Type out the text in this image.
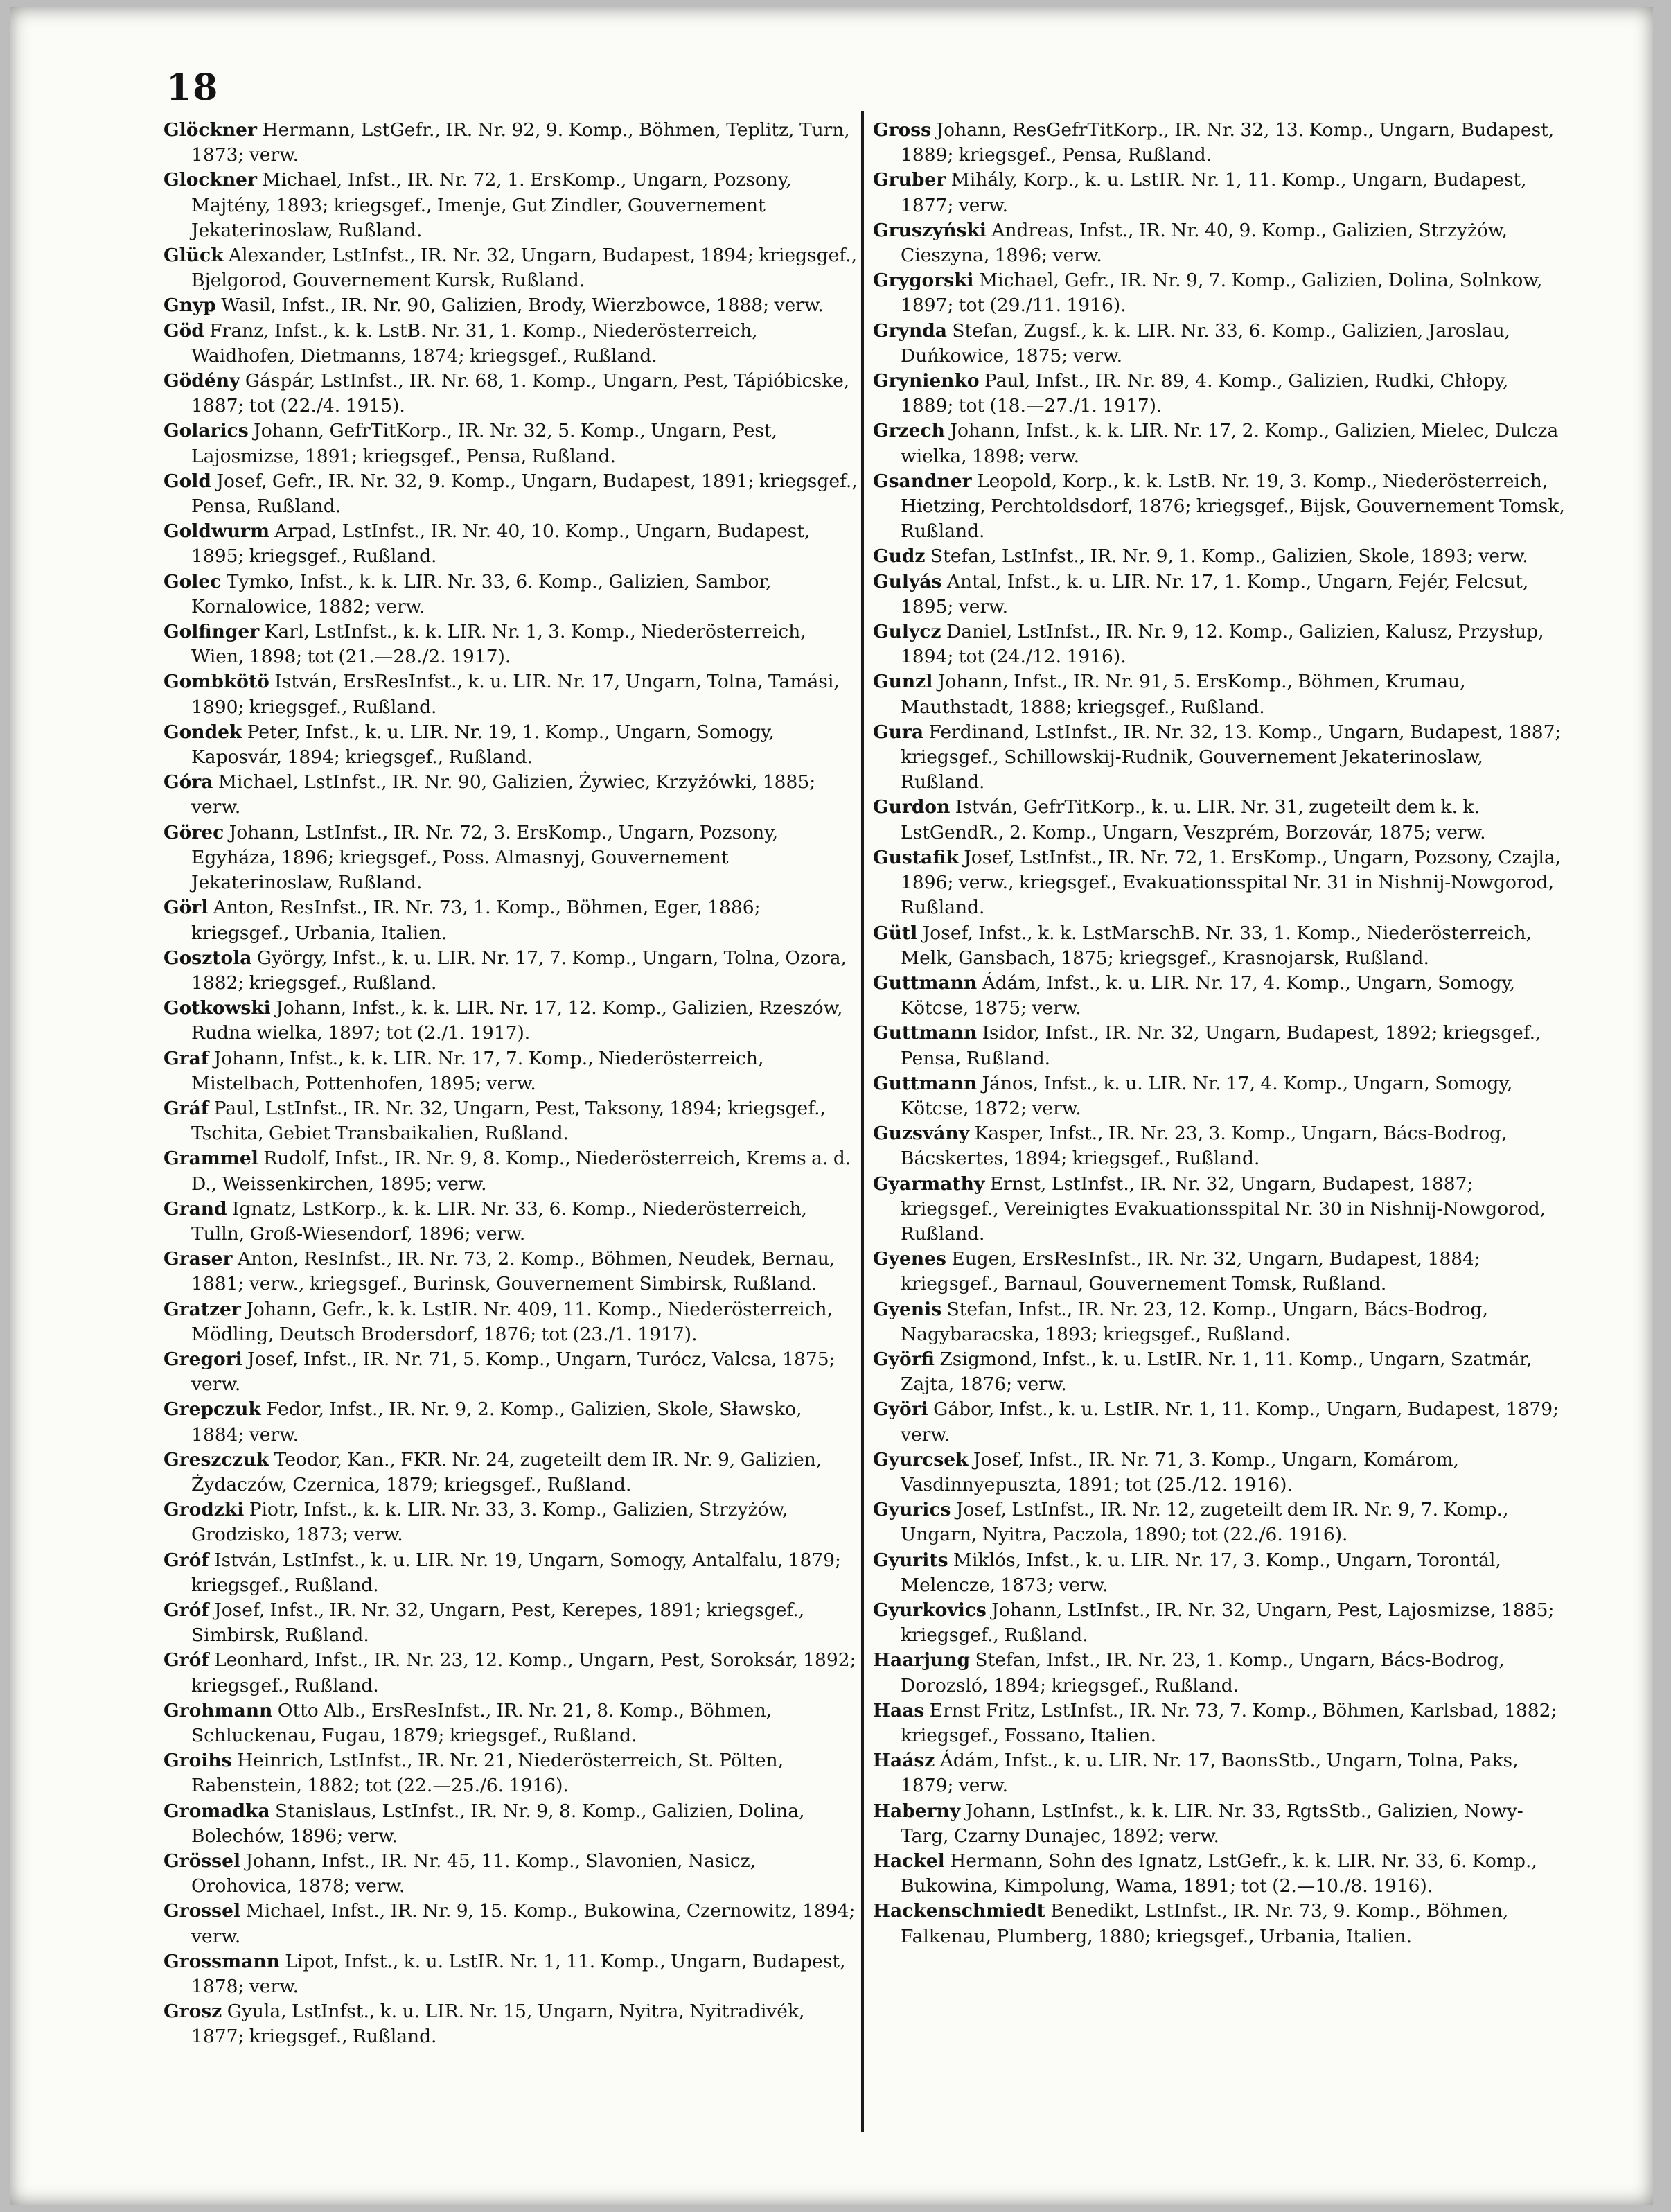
18
Glöckner Hermann, LstGefr., IR. Nr. 92, 9. Komp., Böhmen, Teplitz, Turn, 1873; verw.
Glockner Michael, Infst., IR. Nr. 72, 1. ErsKomp., Ungarn, Pozsony, Majtény, 1893; kriegsgef., Imenje, Gut Zindler, Gouvernement Jekaterinoslaw, Rußland.
Glück Alexander, LstInfst., IR. Nr. 32, Ungarn, Budapest, 1894; kriegsgef., Bjelgorod, Gouvernement Kursk, Rußland.
Gnyp Wasil, Infst., IR. Nr. 90, Galizien, Brody, Wierzbowce, 1888; verw.
Göd Franz, Infst., k. k. LstB. Nr. 31, 1. Komp., Niederösterreich, Waidhofen, Dietmanns, 1874; kriegsgef., Rußland.
Gödény Gáspár, LstInfst., IR. Nr. 68, 1. Komp., Ungarn, Pest, Tápióbicske, 1887; tot (22./4. 1915).
Golarics Johann, GefrTitKorp., IR. Nr. 32, 5. Komp., Ungarn, Pest, Lajosmizse, 1891; kriegsgef., Pensa, Rußland.
Gold Josef, Gefr., IR. Nr. 32, 9. Komp., Ungarn, Budapest, 1891; kriegsgef., Pensa, Rußland.
Goldwurm Arpad, LstInfst., IR. Nr. 40, 10. Komp., Ungarn, Budapest, 1895; kriegsgef., Rußland.
Golec Tymko, Infst., k. k. LIR. Nr. 33, 6. Komp., Galizien, Sambor, Kornalowice, 1882; verw.
Golfinger Karl, LstInfst., k. k. LIR. Nr. 1, 3. Komp., Niederösterreich, Wien, 1898; tot (21.—28./2. 1917).
Gombkötö István, ErsResInfst., k. u. LIR. Nr. 17, Ungarn, Tolna, Tamási, 1890; kriegsgef., Rußland.
Gondek Peter, Infst., k. u. LIR. Nr. 19, 1. Komp., Ungarn, Somogy, Kaposvár, 1894; kriegsgef., Rußland.
Góra Michael, LstInfst., IR. Nr. 90, Galizien, Żywiec, Krzyżówki, 1885; verw.
Görec Johann, LstInfst., IR. Nr. 72, 3. ErsKomp., Ungarn, Pozsony, Egyháza, 1896; kriegsgef., Poss. Almasnyj, Gouvernement Jekaterinoslaw, Rußland.
Görl Anton, ResInfst., IR. Nr. 73, 1. Komp., Böhmen, Eger, 1886; kriegsgef., Urbania, Italien.
Gosztola György, Infst., k. u. LIR. Nr. 17, 7. Komp., Ungarn, Tolna, Ozora, 1882; kriegsgef., Rußland.
Gotkowski Johann, Infst., k. k. LIR. Nr. 17, 12. Komp., Galizien, Rzeszów, Rudna wielka, 1897; tot (2./1. 1917).
Graf Johann, Infst., k. k. LIR. Nr. 17, 7. Komp., Niederösterreich, Mistelbach, Pottenhofen, 1895; verw.
Gráf Paul, LstInfst., IR. Nr. 32, Ungarn, Pest, Taksony, 1894; kriegsgef., Tschita, Gebiet Transbaikalien, Rußland.
Grammel Rudolf, Infst., IR. Nr. 9, 8. Komp., Niederösterreich, Krems a. d. D., Weissenkirchen, 1895; verw.
Grand Ignatz, LstKorp., k. k. LIR. Nr. 33, 6. Komp., Niederösterreich, Tulln, Groß-Wiesendorf, 1896; verw.
Graser Anton, ResInfst., IR. Nr. 73, 2. Komp., Böhmen, Neudek, Bernau, 1881; verw., kriegsgef., Burinsk, Gouvernement Simbirsk, Rußland.
Gratzer Johann, Gefr., k. k. LstIR. Nr. 409, 11. Komp., Niederösterreich, Mödling, Deutsch Brodersdorf, 1876; tot (23./1. 1917).
Gregori Josef, Infst., IR. Nr. 71, 5. Komp., Ungarn, Turócz, Valcsa, 1875; verw.
Grepczuk Fedor, Infst., IR. Nr. 9, 2. Komp., Galizien, Skole, Sławsko, 1884; verw.
Greszczuk Teodor, Kan., FKR. Nr. 24, zugeteilt dem IR. Nr. 9, Galizien, Żydaczów, Czernica, 1879; kriegsgef., Rußland.
Grodzki Piotr, Infst., k. k. LIR. Nr. 33, 3. Komp., Galizien, Strzyżów, Grodzisko, 1873; verw.
Gróf István, LstInfst., k. u. LIR. Nr. 19, Ungarn, Somogy, Antalfalu, 1879; kriegsgef., Rußland.
Gróf Josef, Infst., IR. Nr. 32, Ungarn, Pest, Kerepes, 1891; kriegsgef., Simbirsk, Rußland.
Gróf Leonhard, Infst., IR. Nr. 23, 12. Komp., Ungarn, Pest, Soroksár, 1892; kriegsgef., Rußland.
Grohmann Otto Alb., ErsResInfst., IR. Nr. 21, 8. Komp., Böhmen, Schluckenau, Fugau, 1879; kriegsgef., Rußland.
Groihs Heinrich, LstInfst., IR. Nr. 21, Niederösterreich, St. Pölten, Rabenstein, 1882; tot (22.—25./6. 1916).
Gromadka Stanislaus, LstInfst., IR. Nr. 9, 8. Komp., Galizien, Dolina, Bolechów, 1896; verw.
Grössel Johann, Infst., IR. Nr. 45, 11. Komp., Slavonien, Nasicz, Orohovica, 1878; verw.
Grossel Michael, Infst., IR. Nr. 9, 15. Komp., Bukowina, Czernowitz, 1894; verw.
Grossmann Lipot, Infst., k. u. LstIR. Nr. 1, 11. Komp., Ungarn, Budapest, 1878; verw.
Grosz Gyula, LstInfst., k. u. LIR. Nr. 15, Ungarn, Nyitra, Nyitradivék, 1877; kriegsgef., Rußland.
Gross Johann, ResGefrTitKorp., IR. Nr. 32, 13. Komp., Ungarn, Budapest, 1889; kriegsgef., Pensa, Rußland.
Gruber Mihály, Korp., k. u. LstIR. Nr. 1, 11. Komp., Ungarn, Budapest, 1877; verw.
Gruszyński Andreas, Infst., IR. Nr. 40, 9. Komp., Galizien, Strzyżów, Cieszyna, 1896; verw.
Grygorski Michael, Gefr., IR. Nr. 9, 7. Komp., Galizien, Dolina, Solnkow, 1897; tot (29./11. 1916).
Grynda Stefan, Zugsf., k. k. LIR. Nr. 33, 6. Komp., Galizien, Jaroslau, Duńkowice, 1875; verw.
Grynienko Paul, Infst., IR. Nr. 89, 4. Komp., Galizien, Rudki, Chłopy, 1889; tot (18.—27./1. 1917).
Grzech Johann, Infst., k. k. LIR. Nr. 17, 2. Komp., Galizien, Mielec, Dulcza wielka, 1898; verw.
Gsandner Leopold, Korp., k. k. LstB. Nr. 19, 3. Komp., Niederösterreich, Hietzing, Perchtoldsdorf, 1876; kriegsgef., Bijsk, Gouvernement Tomsk, Rußland.
Gudz Stefan, LstInfst., IR. Nr. 9, 1. Komp., Galizien, Skole, 1893; verw.
Gulyás Antal, Infst., k. u. LIR. Nr. 17, 1. Komp., Ungarn, Fejér, Felcsut, 1895; verw.
Gulycz Daniel, LstInfst., IR. Nr. 9, 12. Komp., Galizien, Kalusz, Przysłup, 1894; tot (24./12. 1916).
Gunzl Johann, Infst., IR. Nr. 91, 5. ErsKomp., Böhmen, Krumau, Mauthstadt, 1888; kriegsgef., Rußland.
Gura Ferdinand, LstInfst., IR. Nr. 32, 13. Komp., Ungarn, Budapest, 1887; kriegsgef., Schillowskij-Rudnik, Gouvernement Jekaterinoslaw, Rußland.
Gurdon István, GefrTitKorp., k. u. LIR. Nr. 31, zugeteilt dem k. k. LstGendR., 2. Komp., Ungarn, Veszprém, Borzovár, 1875; verw.
Gustafik Josef, LstInfst., IR. Nr. 72, 1. ErsKomp., Ungarn, Pozsony, Czajla, 1896; verw., kriegsgef., Evakuationsspital Nr. 31 in Nishnij-Nowgorod, Rußland.
Gütl Josef, Infst., k. k. LstMarschB. Nr. 33, 1. Komp., Niederösterreich, Melk, Gansbach, 1875; kriegsgef., Krasnojarsk, Rußland.
Guttmann Ádám, Infst., k. u. LIR. Nr. 17, 4. Komp., Ungarn, Somogy, Kötcse, 1875; verw.
Guttmann Isidor, Infst., IR. Nr. 32, Ungarn, Budapest, 1892; kriegsgef., Pensa, Rußland.
Guttmann János, Infst., k. u. LIR. Nr. 17, 4. Komp., Ungarn, Somogy, Kötcse, 1872; verw.
Guzsvány Kasper, Infst., IR. Nr. 23, 3. Komp., Ungarn, Bács-Bodrog, Bácskertes, 1894; kriegsgef., Rußland.
Gyarmathy Ernst, LstInfst., IR. Nr. 32, Ungarn, Budapest, 1887; kriegsgef., Vereinigtes Evakuationsspital Nr. 30 in Nishnij-Nowgorod, Rußland.
Gyenes Eugen, ErsResInfst., IR. Nr. 32, Ungarn, Budapest, 1884; kriegsgef., Barnaul, Gouvernement Tomsk, Rußland.
Gyenis Stefan, Infst., IR. Nr. 23, 12. Komp., Ungarn, Bács-Bodrog, Nagybaracska, 1893; kriegsgef., Rußland.
Györfi Zsigmond, Infst., k. u. LstIR. Nr. 1, 11. Komp., Ungarn, Szatmár, Zajta, 1876; verw.
Györi Gábor, Infst., k. u. LstIR. Nr. 1, 11. Komp., Ungarn, Budapest, 1879; verw.
Gyurcsek Josef, Infst., IR. Nr. 71, 3. Komp., Ungarn, Komárom, Vasdinnyepuszta, 1891; tot (25./12. 1916).
Gyurics Josef, LstInfst., IR. Nr. 12, zugeteilt dem IR. Nr. 9, 7. Komp., Ungarn, Nyitra, Paczola, 1890; tot (22./6. 1916).
Gyurits Miklós, Infst., k. u. LIR. Nr. 17, 3. Komp., Ungarn, Torontál, Melencze, 1873; verw.
Gyurkovics Johann, LstInfst., IR. Nr. 32, Ungarn, Pest, Lajosmizse, 1885; kriegsgef., Rußland.
Haarjung Stefan, Infst., IR. Nr. 23, 1. Komp., Ungarn, Bács-Bodrog, Dorozsló, 1894; kriegsgef., Rußland.
Haas Ernst Fritz, LstInfst., IR. Nr. 73, 7. Komp., Böhmen, Karlsbad, 1882; kriegsgef., Fossano, Italien.
Haász Ádám, Infst., k. u. LIR. Nr. 17, BaonsStb., Ungarn, Tolna, Paks, 1879; verw.
Haberny Johann, LstInfst., k. k. LIR. Nr. 33, RgtsStb., Galizien, Nowy-Targ, Czarny Dunajec, 1892; verw.
Hackel Hermann, Sohn des Ignatz, LstGefr., k. k. LIR. Nr. 33, 6. Komp., Bukowina, Kimpolung, Wama, 1891; tot (2.—10./8. 1916).
Hackenschmiedt Benedikt, LstInfst., IR. Nr. 73, 9. Komp., Böhmen, Falkenau, Plumberg, 1880; kriegsgef., Urbania, Italien.
